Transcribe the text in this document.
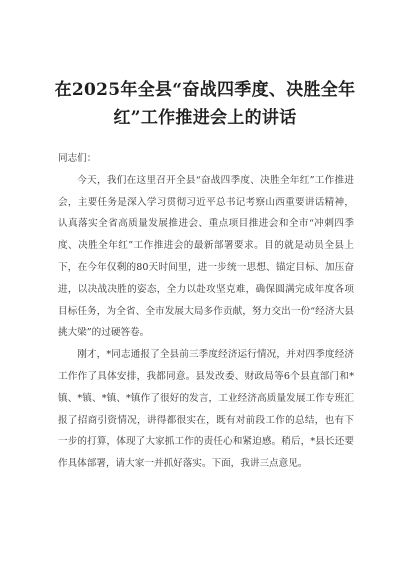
在2025年全县“奋战四季度、决胜全年红”工作推进会上的讲话

同志们：

今天，我们在这里召开全县“奋战四季度、决胜全年红”工作推进会，主要任务是深入学习贯彻习近平总书记考察山西重要讲话精神，认真落实全省高质量发展推进会、重点项目推进会和全市“冲刺四季度、决胜全年红”工作推进会的最新部署要求。目的就是动员全县上下，在今年仅剩的80天时间里，进一步统一思想、锚定目标、加压奋进，以决战决胜的姿态，全力以赴攻坚克难，确保圆满完成年度各项目标任务，为全省、全市发展大局多作贡献，努力交出一份“经济大县挑大梁”的过硬答卷。

刚才，*同志通报了全县前三季度经济运行情况，并对四季度经济工作作了具体安排，我都同意。县发改委、财政局等6个县直部门和*镇、*镇、*镇、*镇作了很好的发言，工业经济高质量发展工作专班汇报了招商引资情况，讲得都很实在，既有对前段工作的总结，也有下一步的打算，体现了大家抓工作的责任心和紧迫感。稍后，*县长还要作具体部署，请大家一并抓好落实。下面，我讲三点意见。
